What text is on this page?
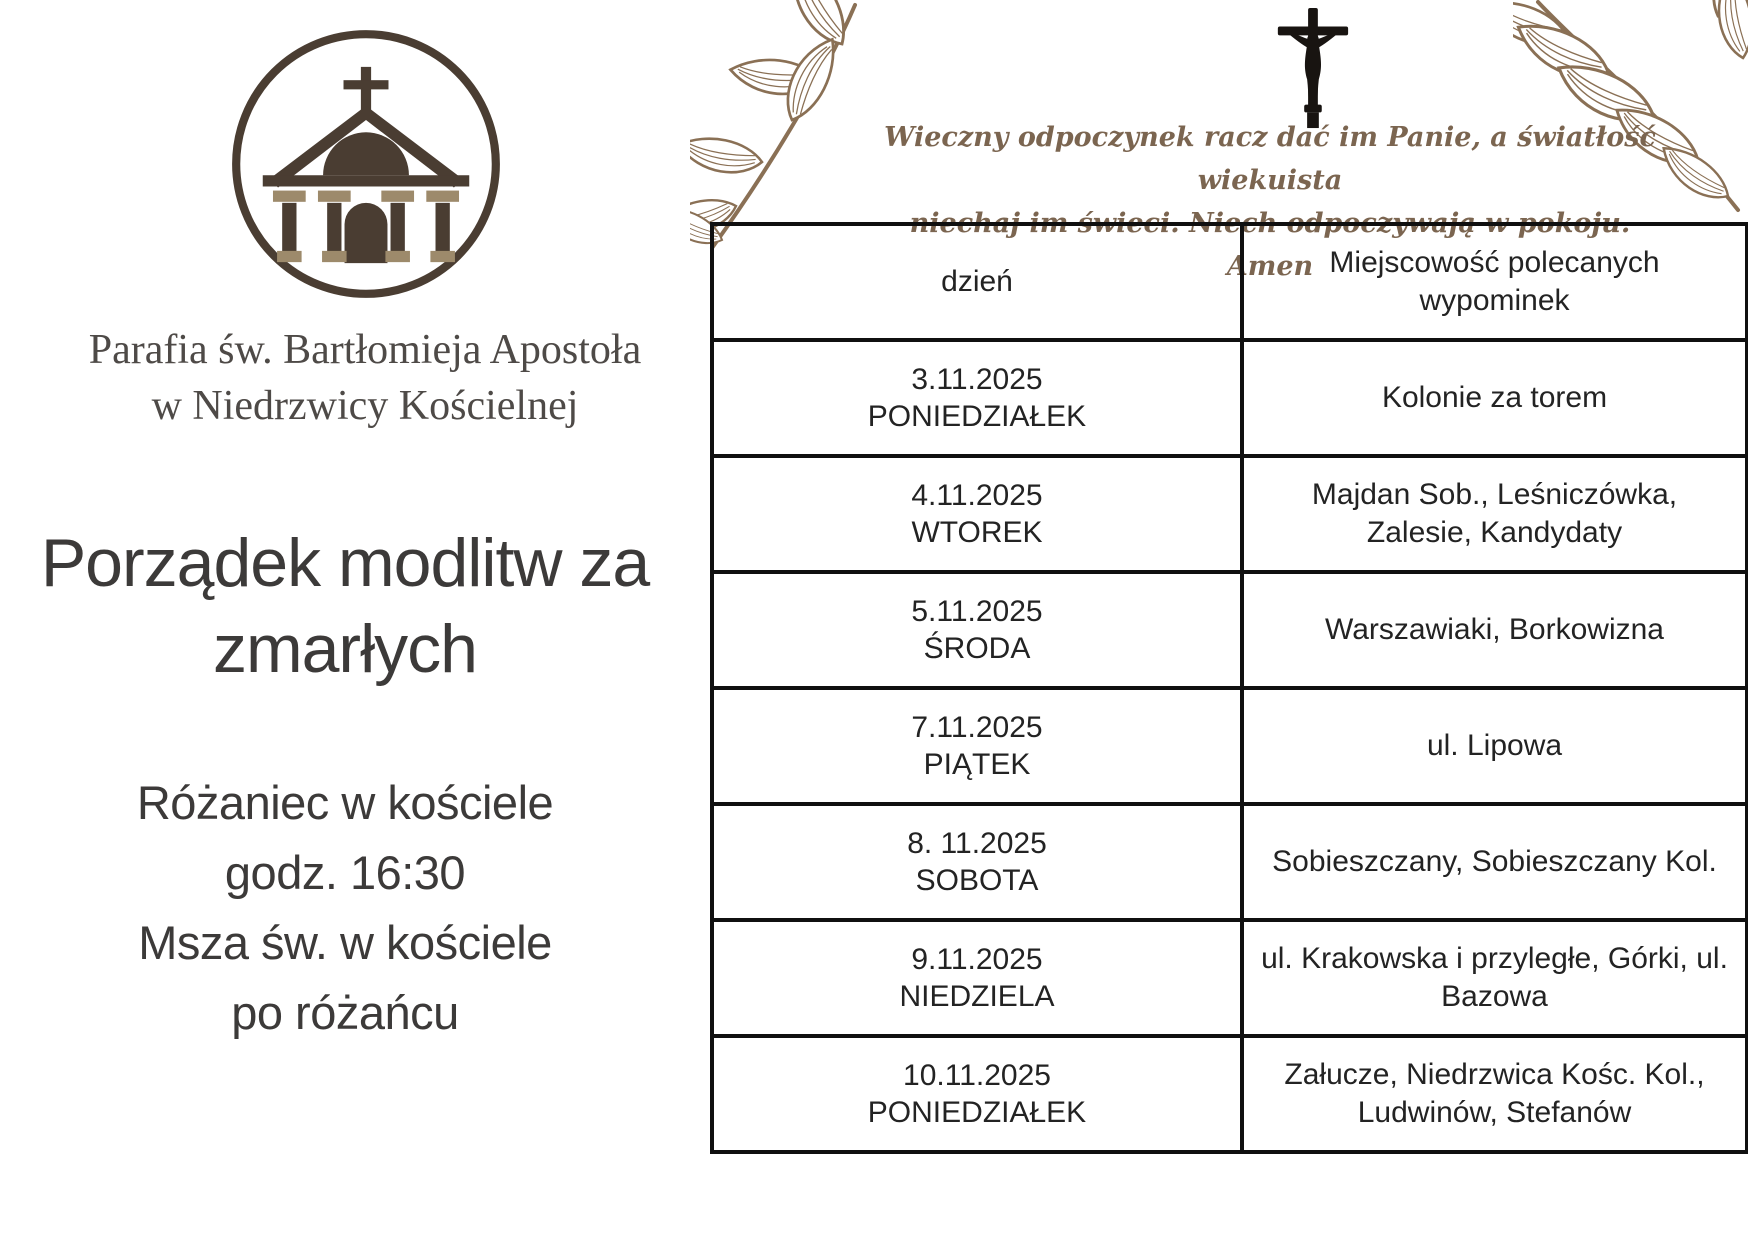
Wieczny odpoczynek racz dać im Panie, a światłość wiekuista
niechaj im świeci. Niech odpoczywają w pokoju. Amen
Parafia św. Bartłomieja Apostoła
w Niedrzwicy Kościelnej
Porządek modlitw za
zmarłych
Różaniec w kościele
godz. 16:30
Msza św. w kościele
po różańcu
dzień	Miejscowość polecanych wypominek

3.11.2025
PONIEDZIAŁEK	Kolonie za torem

4.11.2025
WTOREK	Majdan Sob., Leśniczówka, Zalesie, Kandydaty

5.11.2025
ŚRODA	Warszawiaki, Borkowizna

7.11.2025
PIĄTEK	ul. Lipowa

8. 11.2025
SOBOTA	Sobieszczany, Sobieszczany Kol.

9.11.2025
NIEDZIELA	ul. Krakowska i przyległe, Górki, ul. Bazowa

10.11.2025
PONIEDZIAŁEK	Załucze, Niedrzwica Kośc. Kol., Ludwinów, Stefanów
